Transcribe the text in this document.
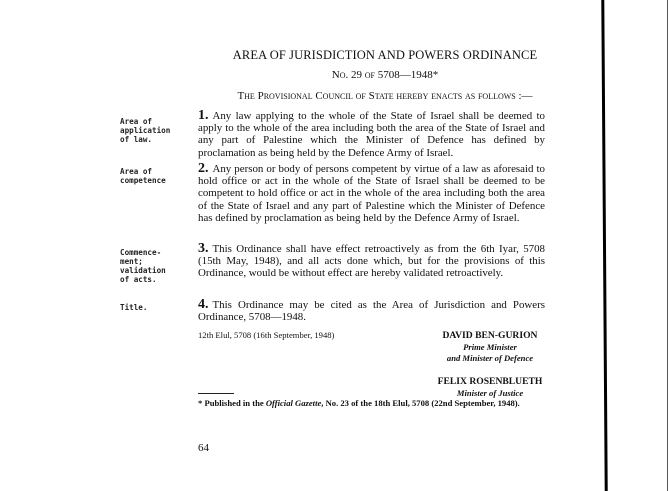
AREA OF JURISDICTION AND POWERS ORDINANCE
No. 29 of 5708—1948*
The Provisional Council of State hereby enacts as follows :—
Area of
application
of law.
1. Any law applying to the whole of the State of Israel shall be deemed to apply to the whole of the area including both the area of the State of Israel and any part of Palestine which the Minister of Defence has defined by proclamation as being held by the Defence Army of Israel.
Area of
competence
2. Any person or body of persons competent by virtue of a law as aforesaid to hold office or act in the whole of the State of Israel shall be deemed to be competent to hold office or act in the whole of the area including both the area of the State of Israel and any part of Palestine which the Minister of Defence has defined by proclamation as being held by the Defence Army of Israel.
Commence-
ment;
validation
of acts.
3. This Ordinance shall have effect retroactively as from the 6th Iyar, 5708 (15th May, 1948), and all acts done which, but for the provisions of this Ordinance, would be without effect are hereby validated retroactively.
Title.	4. This Ordinance may be cited as the Area of Jurisdiction and Powers Ordinance, 5708—1948.
12th Elul, 5708 (16th September, 1948)	DAVID BEN-GURION
Prime Minister
and Minister of Defence
FELIX ROSENBLUETH
Minister of Justice
* Published in the Official Gazette, No. 23 of the 18th Elul, 5708 (22nd September, 1948).
64
